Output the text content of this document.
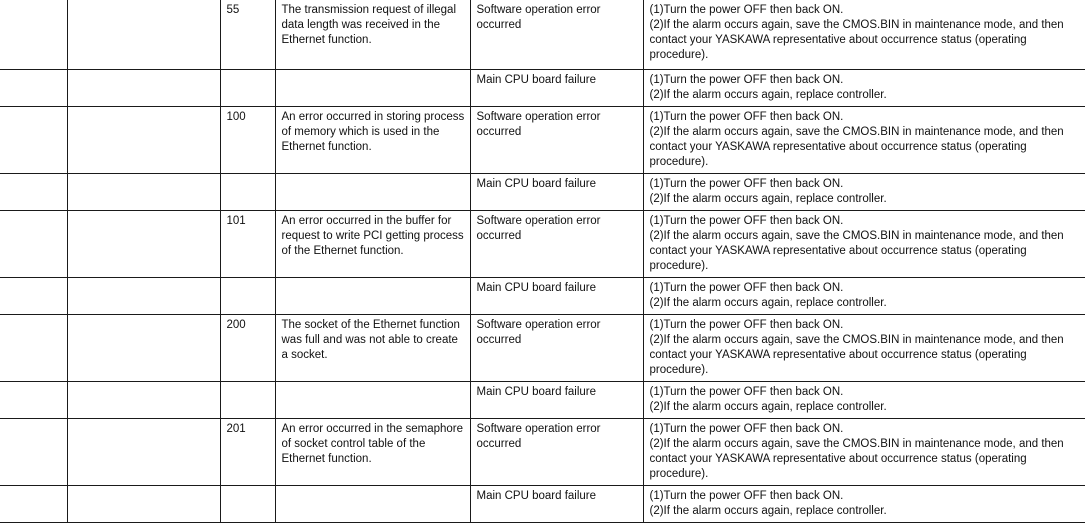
		55	The transmission request of illegal data length was received in the Ethernet function.	Software operation error occurred	(1)Turn the power OFF then back ON.
(2)If the alarm occurs again, save the CMOS.BIN in maintenance mode, and then contact your YASKAWA representative about occurrence status (operating procedure).

				Main CPU board failure	(1)Turn the power OFF then back ON.
(2)If the alarm occurs again, replace controller.

		100	An error occurred in storing process of memory which is used in the Ethernet function.	Software operation error occurred	(1)Turn the power OFF then back ON.
(2)If the alarm occurs again, save the CMOS.BIN in maintenance mode, and then contact your YASKAWA representative about occurrence status (operating procedure).

				Main CPU board failure	(1)Turn the power OFF then back ON.
(2)If the alarm occurs again, replace controller.

		101	An error occurred in the buffer for request to write PCI getting process of the Ethernet function.	Software operation error occurred	(1)Turn the power OFF then back ON.
(2)If the alarm occurs again, save the CMOS.BIN in maintenance mode, and then contact your YASKAWA representative about occurrence status (operating procedure).

				Main CPU board failure	(1)Turn the power OFF then back ON.
(2)If the alarm occurs again, replace controller.

		200	The socket of the Ethernet function was full and was not able to create a socket.	Software operation error occurred	(1)Turn the power OFF then back ON.
(2)If the alarm occurs again, save the CMOS.BIN in maintenance mode, and then contact your YASKAWA representative about occurrence status (operating procedure).

				Main CPU board failure	(1)Turn the power OFF then back ON.
(2)If the alarm occurs again, replace controller.

		201	An error occurred in the semaphore of socket control table of the Ethernet function.	Software operation error occurred	(1)Turn the power OFF then back ON.
(2)If the alarm occurs again, save the CMOS.BIN in maintenance mode, and then contact your YASKAWA representative about occurrence status (operating procedure).

				Main CPU board failure	(1)Turn the power OFF then back ON.
(2)If the alarm occurs again, replace controller.
